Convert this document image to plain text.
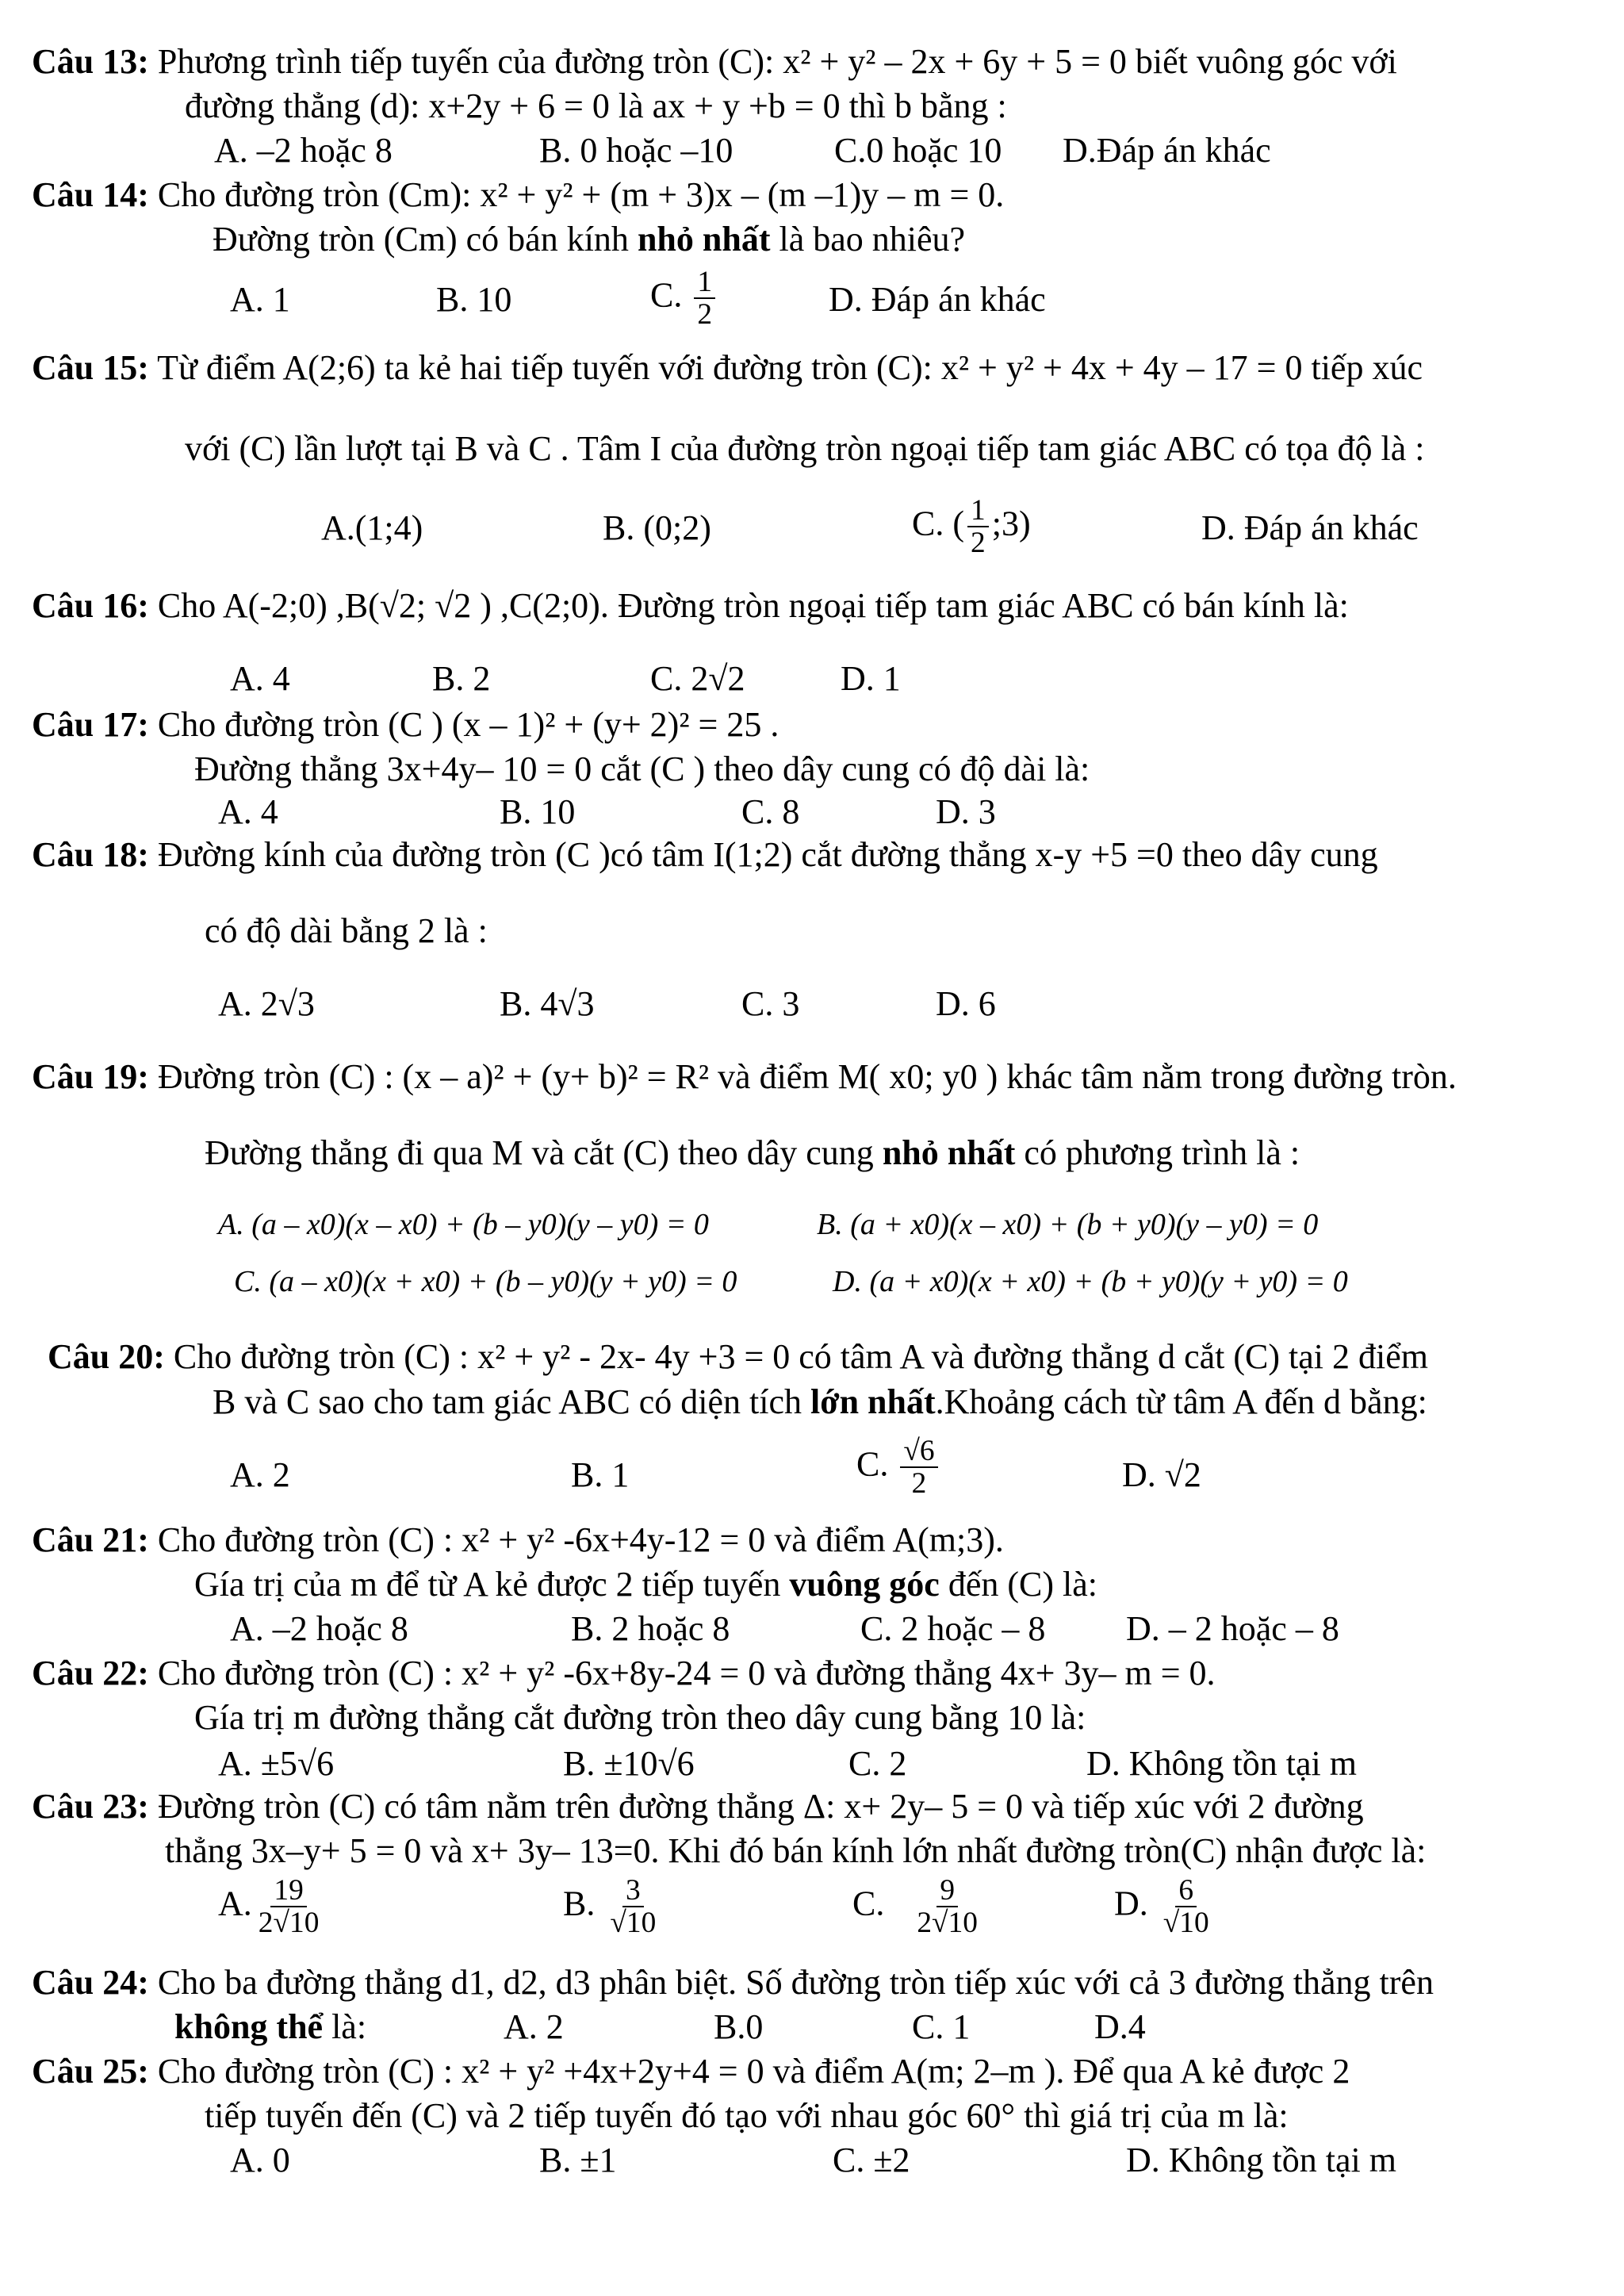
Câu 13: Phương trình tiếp tuyến của đường tròn (C): x² + y² – 2x + 6y + 5 = 0 biết vuông góc với
đường thẳng (d): x+2y + 6 = 0 là ax + y +b = 0 thì b bằng :
A. –2 hoặc 8	B. 0 hoặc –10	C.0 hoặc 10 D.Đáp án khác
Câu 14: Cho đường tròn (Cm): x² + y² + (m + 3)x – (m –1)y – m = 0.
Đường tròn (Cm) có bán kính nhỏ nhất là bao nhiêu?
A. 1	B. 10	C. $\frac{1}{2}$	D. Đáp án khác
Câu 15: Từ điểm A(2;6) ta kẻ hai tiếp tuyến với đường tròn (C): x² + y² + 4x + 4y – 17 = 0 tiếp xúc
với (C) lần lượt tại B và C . Tâm I của đường tròn ngoại tiếp tam giác ABC có tọa độ là :
A.(1;4)	B. (0;2)	C. ( $\frac{1}{2}$ ;3)	D. Đáp án khác
Câu 16: Cho A(-2;0) ,B(√2; √2 ) ,C(2;0). Đường tròn ngoại tiếp tam giác ABC có bán kính là:
A. 4	B. 2	C. 2√2	D. 1
Câu 17: Cho đường tròn (C ) (x – 1)² + (y+ 2)² = 25 .
Đường thẳng 3x+4y– 10 = 0 cắt (C ) theo dây cung có độ dài là:
A. 4	B. 10	C. 8	D. 3
Câu 18: Đường kính của đường tròn (C )có tâm I(1;2) cắt đường thẳng x-y +5 =0 theo dây cung
có độ dài bằng 2 là :
A. 2√3	B. 4√3	C. 3	D. 6
Câu 19: Đường tròn (C) : (x – a)² + (y+ b)² = R² và điểm M( x0; y0 ) khác tâm nằm trong đường tròn.
Đường thẳng đi qua M và cắt (C) theo dây cung nhỏ nhất có phương trình là :
A. (a – x0)(x – x0) + (b – y0)(y – y0) = 0	B. (a + x0)(x – x0) + (b + y0)(y – y0) = 0
C. (a – x0)(x + x0) + (b – y0)(y + y0) = 0	D. (a + x0)(x + x0) + (b + y0)(y + y0) = 0
Câu 20: Cho đường tròn (C) : x² + y² - 2x- 4y +3 = 0 có tâm A và đường thẳng d cắt (C) tại 2 điểm
B và C sao cho tam giác ABC có diện tích lớn nhất.Khoảng cách từ tâm A đến d bằng:
A. 2	B. 1	C. $\frac{√6}{2}$	D. √2
Câu 21: Cho đường tròn (C) : x² + y² -6x+4y-12 = 0 và điểm A(m;3).
Gía trị của m để từ A kẻ được 2 tiếp tuyến vuông góc đến (C) là:
A. –2 hoặc 8	B. 2 hoặc 8	C. 2 hoặc – 8 D. – 2 hoặc – 8
Câu 22: Cho đường tròn (C) : x² + y² -6x+8y-24 = 0 và đường thẳng 4x+ 3y– m = 0.
Gía trị m đường thẳng cắt đường tròn theo dây cung bằng 10 là:
A. ±5√6	B. ±10√6	C. 2	D. Không tồn tại m
Câu 23: Đường tròn (C) có tâm nằm trên đường thẳng Δ: x+ 2y– 5 = 0 và tiếp xúc với 2 đường
thẳng 3x–y+ 5 = 0 và x+ 3y– 13=0. Khi đó bán kính lớn nhất đường tròn(C) nhận được là:
A. $\frac{19}{2√10}$	B. $\frac{3}{√10}$	C. $\frac{9}{2√10}$	D. $\frac{6}{√10}$
Câu 24: Cho ba đường thẳng d1, d2, d3 phân biệt. Số đường tròn tiếp xúc với cả 3 đường thẳng trên
không thể là:	A. 2	B.0	C. 1	D.4
Câu 25: Cho đường tròn (C) : x² + y² +4x+2y+4 = 0 và điểm A(m; 2–m ). Để qua A kẻ được 2
tiếp tuyến đến (C) và 2 tiếp tuyến đó tạo với nhau góc 60° thì giá trị của m là:
A. 0	B. ±1	C. ±2	D. Không tồn tại m
